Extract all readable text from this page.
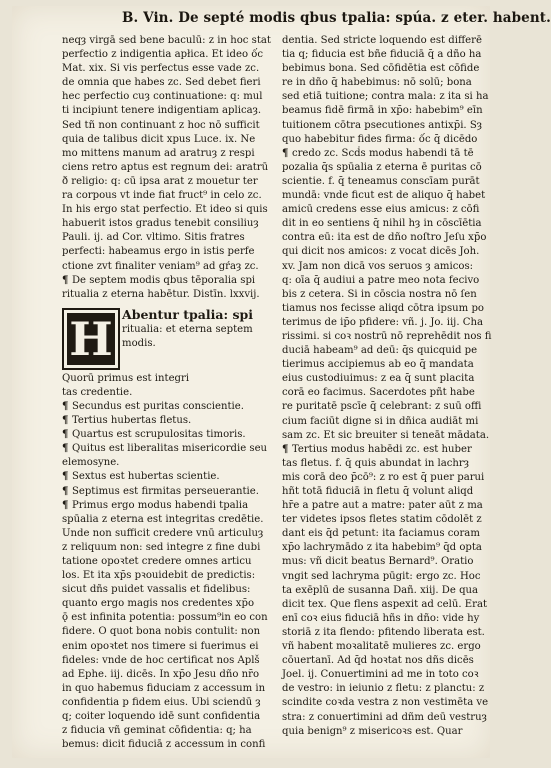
B. Vin. De septé modis qbus tpalia: spúa. z eter. habent.
neqȝ virgā sed bene baculū: z in hoc stat
perfectio z indigentia apłica. Et ideo ốc
Mat. xix. Si vis perfectus esse vade zc.
de omnia que habes zc. Sed debet fieri
hec perfectio cuȝ continuatione: q: mul
ti incipiunt tenere indigentiam aplicaȝ.
Sed tñ non continuant z hoc nō sufficit
quia de talibus dicit xpus Luce. ix. Ne
mo mittens manum ad aratruȝ z respi
ciens retro aptus est regnum dei: aratrū
ð religio: q: cū ipsa arat z mouetur ter
ra corpous vt inde fiat fruct⁹ in celo zc.
In his ergo stat perfectio. Et ideo si quis
habuerit istos gradus tenebit consiliuȝ
Pauli. ij. ad Cor. vltimo. Sitis fratres
perfecti: habeamus ergo in istis perfe
ctione zvt finaliter veniam⁹ ad gŕaȝ zc.
¶ De septem modis qbus tēporalia spi
ritualia z eterna habētur. Distīn. lxxvij.
H Abentur tpalia: spi
ritualia: et eterna septem
modis.
Quorū primus est integri
tas credentie.
¶ Secundus est puritas conscientie.
¶ Tertius hubertas fletus.
¶ Quartus est scrupulositas timoris.
¶ Quitus est liberalitas misericordie seu
elemosyne.
¶ Sextus est hubertas scientie.
¶ Septimus est firmitas perseuerantie.
¶ Primus ergo modus habendi tpalia
spūalia z eterna est integritas credētie.
Unde non sufficit credere vnū articuluȝ
z reliquum non: sed integre z fine dubi
tatione opoꝛtet credere omnes articu
los. Et ita xp̄s pꝛouidebit de predictis:
sicut dñs puidet vassalis et fidelibus:
quanto ergo magis nos credentes xp̄o
ǭ est infinita potentia: possum⁹in eo con
fidere. O quot bona nobis contulit: non
enim opoꝛtet nos timere si fuerimus ei
fideles: vnde de hoc certificat nos Aplš
ad Ephe. iij. dicēs. In xp̄o Jesu dño nr̄o
in quo habemus fiduciam z accessum in
confidentia p fidem eius. Ubi sciendū ȝ
q; coiter loquendo idē sunt confidentia
z fiducia vñ geminat cōfidentia: q; ha
bemus: dicit fiduciā z accessum in confi
dentia. Sed stricte loquendo est differē
tia q; fiducia est bñe fiduciā q̄ a dño ha
bebimus bona. Sed cōfidētia est cōfide
re in dño q̄ habebimus: nō solū; bona
sed etiā tuitione; contra mala: z ita si ha
beamus fidē firmā in xp̄o: habebim⁹ eīn
tuitionem cōtra psecutiones antixp̄i. Sȝ
quo habebitur fides firma: ốc q̄ dicēdo
¶ credo zc. Scḋs modus habendi tā tē
pozalia q̄s spūalia z eterna ē puritas cō
scientie. f. q̄ teneamus conscīam purāt
mundā: vnde ficut est de aliquo q̄ habet
amicū credens esse eius amicus: z cōfi
dit in eo sentiens q̄ nihil hȝ in cōscīētia
contra eū: ita est de dño noſtro Jeſu xp̄o
qui dicit nos amicos: z vocat dicēs Joh.
xv. Jam non dicā vos seruos ȝ amicos:
q: oīa q̄ audiui a patre meo nota fecivo
bis z cetera. Si in cōscia nostra nō ſen
tiamus nos fecisse aliqd cōtra ipsum po
terimus de ip̄o pfidere: vñ. j. Jo. iij. Cha
rissimi. si coꝛ nostrū nō reprehēdit nos fi
duciā habeam⁹ ad deū: q̄s quicquid pe
tierimus accipiemus ab eo q̄ mandata
eius custodiuimus: z ea q̄ sunt placita
corā eo facimus. Sacerdotes pñt habe
re puritatē pscīe q̄ celebrant: z suū offi
cium faciūt digne si in dñica audiāt mi
sam zc. Et sic breuiter si teneāt mādata.
¶ Tertius modus habēdi zc. est huber
tas fletus. f. q̄ quis abundat in lachrȝ
mis corā deo p̄cō⁹: z ro est q̄ puer parui
hñt totā fiduciā in fletu q̄ volunt aliqd
hr̄e a patre aut a matre: pater aūt z ma
ter videtes ipsos fletes statim cōdolēt z
dant eis q̄d petunt: ita faciamus coram
xp̄o lachrymādo z ita habebim⁹ q̄d opta
mus: vñ dicit beatus Bernard⁹. Oratio
vngit sed lachryma pūgit: ergo zc. Hoc
ta exēplū de susanna Dañ. xiij. De qua
dicit tex. Que flens aspexit ad celū. Erat
enī coꝛ eius fiduciā hñs in dño: vide hy
storiā z ita flendo: pfitendo liberata est.
vñ habent moꝛalitatē mulieres zc. ergo
cōuertanī. Ad q̄d hoꝛtat nos dñs dicēs
Joel. ij. Conuertimini ad me in toto coꝛ
de vestro: in ieiunio z fletu: z planctu: z
scindite coꝛda vestra z non vestimēta ve
stra: z conuertimini ad dñm deū vestruȝ
quia benign⁹ z misericoꝛs est. Quar
